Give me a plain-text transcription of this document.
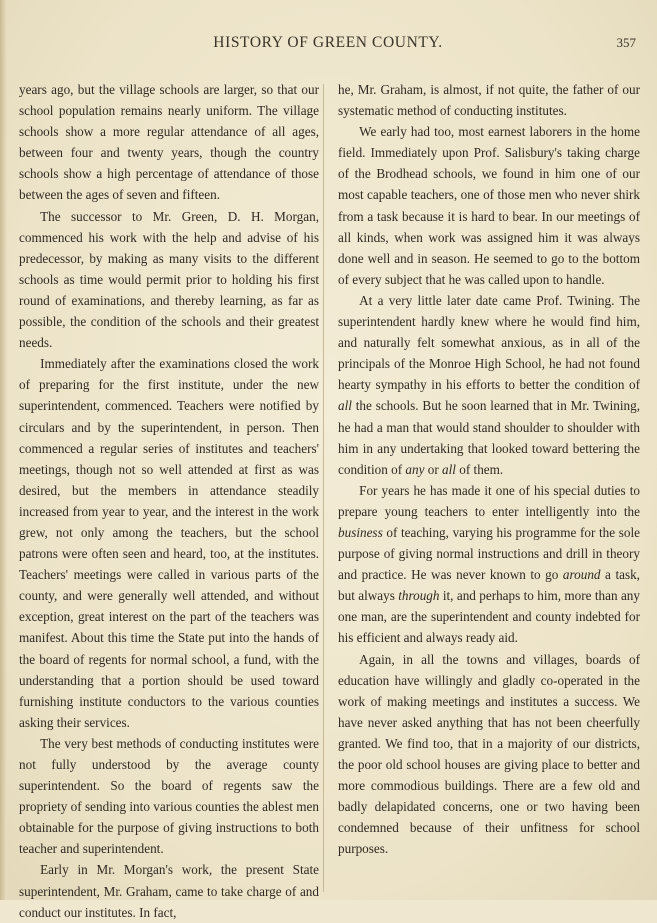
HISTORY OF GREEN COUNTY.	357

years ago, but the village schools are larger, so that our school population remains nearly uniform. The village schools show a more regular attendance of all ages, between four and twenty years, though the country schools show a high percentage of attendance of those between the ages of seven and fifteen.

The successor to Mr. Green, D. H. Morgan, commenced his work with the help and advise of his predecessor, by making as many visits to the different schools as time would permit prior to holding his first round of examinations, and thereby learning, as far as possible, the condition of the schools and their greatest needs.

Immediately after the examinations closed the work of preparing for the first institute, under the new superintendent, commenced. Teachers were notified by circulars and by the superintendent, in person. Then commenced a regular series of institutes and teachers' meetings, though not so well attended at first as was desired, but the members in attendance steadily increased from year to year, and the interest in the work grew, not only among the teachers, but the school patrons were often seen and heard, too, at the institutes. Teachers' meetings were called in various parts of the county, and were generally well attended, and without exception, great interest on the part of the teachers was manifest. About this time the State put into the hands of the board of regents for normal school, a fund, with the understanding that a portion should be used toward furnishing institute conductors to the various counties asking their services.

The very best methods of conducting institutes were not fully understood by the average county superintendent. So the board of regents saw the propriety of sending into various counties the ablest men obtainable for the purpose of giving instructions to both teacher and superintendent.

Early in Mr. Morgan's work, the present State superintendent, Mr. Graham, came to take charge of and conduct our institutes. In fact,

he, Mr. Graham, is almost, if not quite, the father of our systematic method of conducting institutes.

We early had too, most earnest laborers in the home field. Immediately upon Prof. Salisbury's taking charge of the Brodhead schools, we found in him one of our most capable teachers, one of those men who never shirk from a task because it is hard to bear. In our meetings of all kinds, when work was assigned him it was always done well and in season. He seemed to go to the bottom of every subject that he was called upon to handle.

At a very little later date came Prof. Twining. The superintendent hardly knew where he would find him, and naturally felt somewhat anxious, as in all of the principals of the Monroe High School, he had not found hearty sympathy in his efforts to better the condition of all the schools. But he soon learned that in Mr. Twining, he had a man that would stand shoulder to shoulder with him in any undertaking that looked toward bettering the condition of any or all of them.

For years he has made it one of his special duties to prepare young teachers to enter intelligently into the business of teaching, varying his programme for the sole purpose of giving normal instructions and drill in theory and practice. He was never known to go around a task, but always through it, and perhaps to him, more than any one man, are the superintendent and county indebted for his efficient and always ready aid.

Again, in all the towns and villages, boards of education have willingly and gladly co-operated in the work of making meetings and institutes a success. We have never asked anything that has not been cheerfully granted. We find too, that in a majority of our districts, the poor old school houses are giving place to better and more commodious buildings. There are a few old and badly delapidated concerns, one or two having been condemned because of their unfitness for school purposes.
